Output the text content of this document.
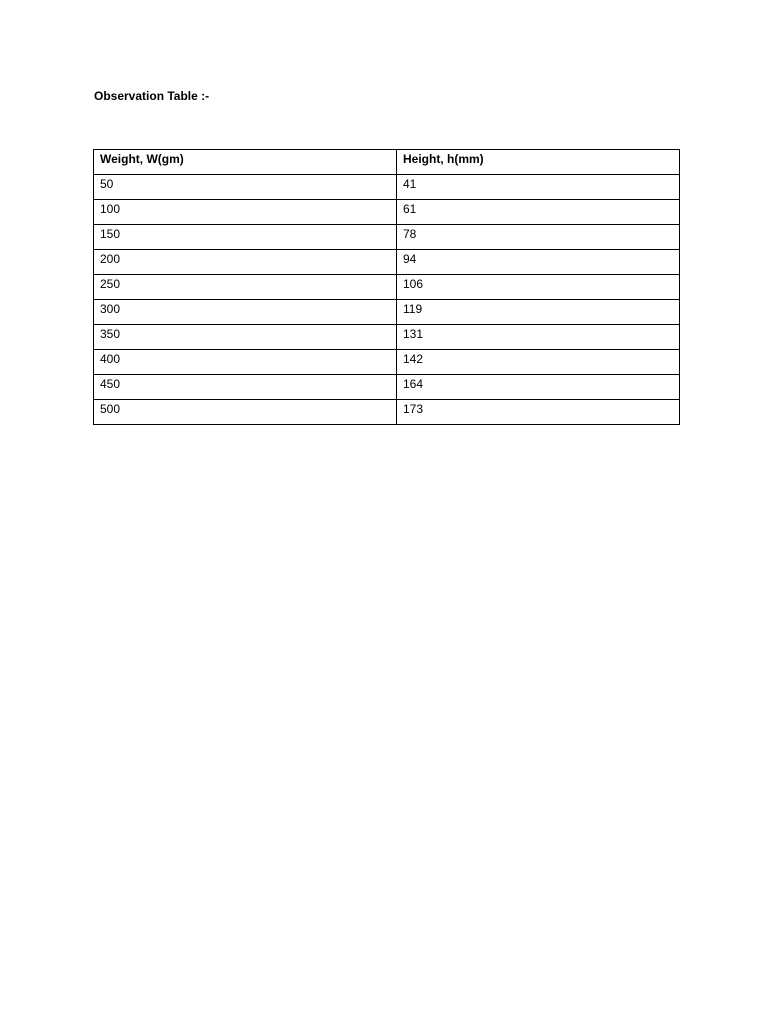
Observation Table :-
Weight, W(gm)	Height, h(mm)
50	41
100	61
150	78
200	94
250	106
300	119
350	131
400	142
450	164
500	173
